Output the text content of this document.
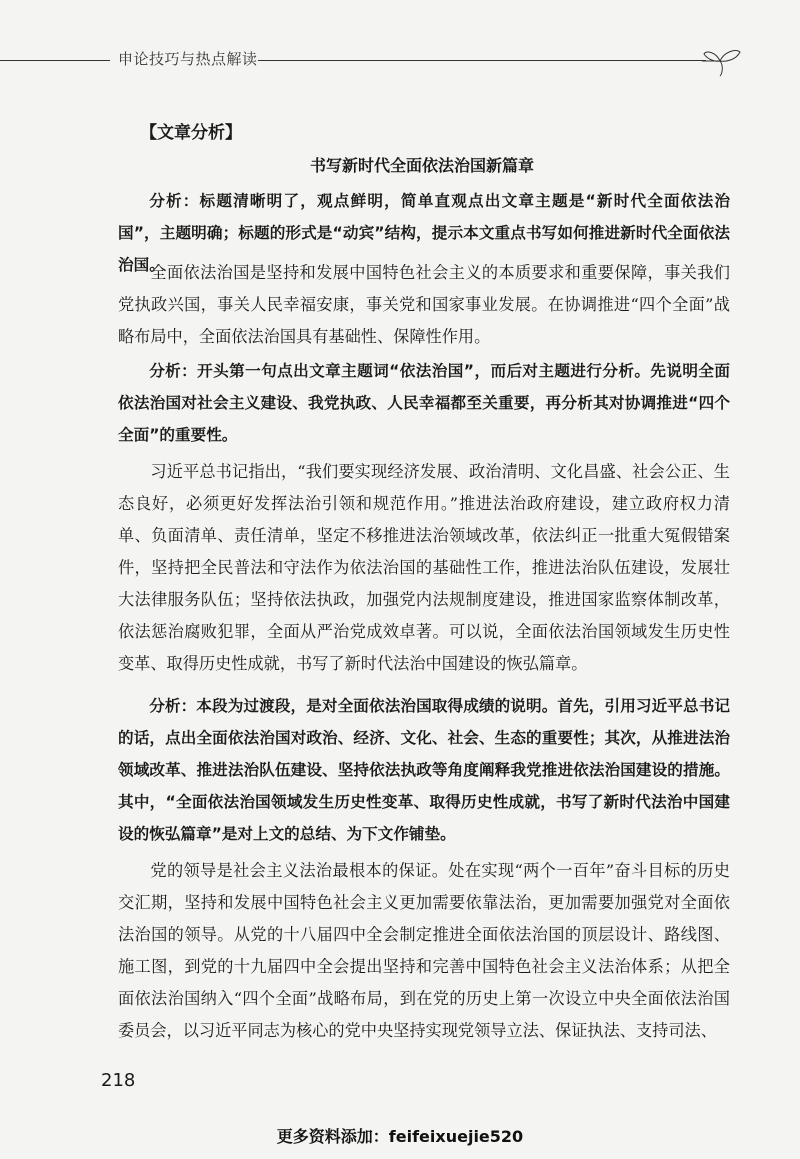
申论技巧与热点解读
【文章分析】
书写新时代全面依法治国新篇章

分析：标题清晰明了，观点鲜明，简单直观点出文章主题是“新时代全面依法治国”，主题明确；标题的形式是“动宾”结构，提示本文重点书写如何推进新时代全面依法治国。

全面依法治国是坚持和发展中国特色社会主义的本质要求和重要保障，事关我们党执政兴国，事关人民幸福安康，事关党和国家事业发展。在协调推进“四个全面”战略布局中，全面依法治国具有基础性、保障性作用。

分析：开头第一句点出文章主题词“依法治国”，而后对主题进行分析。先说明全面依法治国对社会主义建设、我党执政、人民幸福都至关重要，再分析其对协调推进“四个全面”的重要性。

习近平总书记指出，“我们要实现经济发展、政治清明、文化昌盛、社会公正、生态良好，必须更好发挥法治引领和规范作用。”推进法治政府建设，建立政府权力清单、负面清单、责任清单，坚定不移推进法治领域改革，依法纠正一批重大冤假错案件，坚持把全民普法和守法作为依法治国的基础性工作，推进法治队伍建设，发展壮大法律服务队伍；坚持依法执政，加强党内法规制度建设，推进国家监察体制改革，依法惩治腐败犯罪，全面从严治党成效卓著。可以说，全面依法治国领域发生历史性变革、取得历史性成就，书写了新时代法治中国建设的恢弘篇章。

分析：本段为过渡段，是对全面依法治国取得成绩的说明。首先，引用习近平总书记的话，点出全面依法治国对政治、经济、文化、社会、生态的重要性；其次，从推进法治领域改革、推进法治队伍建设、坚持依法执政等角度阐释我党推进依法治国建设的措施。其中，“全面依法治国领域发生历史性变革、取得历史性成就，书写了新时代法治中国建设的恢弘篇章”是对上文的总结、为下文作铺垫。

党的领导是社会主义法治最根本的保证。处在实现“两个一百年”奋斗目标的历史交汇期，坚持和发展中国特色社会主义更加需要依靠法治，更加需要加强党对全面依法治国的领导。从党的十八届四中全会制定推进全面依法治国的顶层设计、路线图、施工图，到党的十九届四中全会提出坚持和完善中国特色社会主义法治体系；从把全面依法治国纳入“四个全面”战略布局，到在党的历史上第一次设立中央全面依法治国委员会，以习近平同志为核心的党中央坚持实现党领导立法、保证执法、支持司法、

218
更多资料添加：feifeixuejie520
